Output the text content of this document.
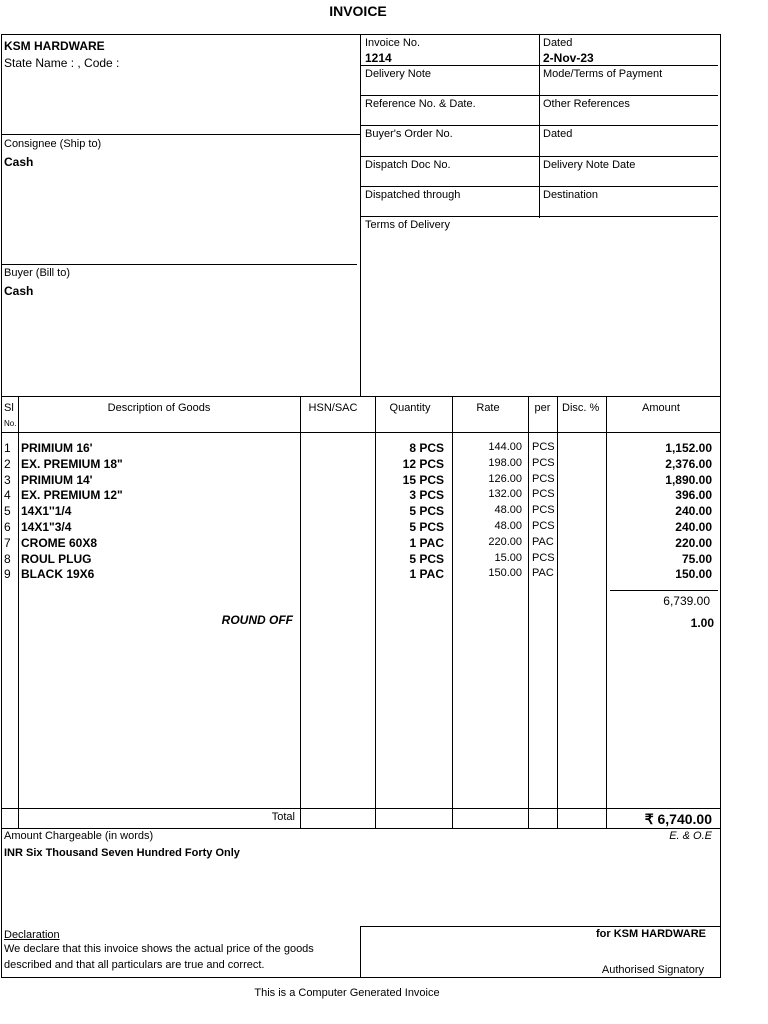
INVOICE
KSM HARDWARE
State Name : , Code :
Consignee (Ship to)
Cash
Buyer (Bill to)
Cash
Invoice No.
1214
Dated
2-Nov-23
Delivery Note	Mode/Terms of Payment
Reference No. & Date.	Other References
Buyer's Order No.	Dated
Dispatch Doc No.	Delivery Note Date
Dispatched through	Destination
Terms of Delivery
Sl
No.
Description of Goods	HSN/SAC	Quantity	Rate	per	Disc. %	Amount
1 PRIMIUM 16'	8 PCS	144.00 PCS	1,152.00
2 EX. PREMIUM 18"	12 PCS	198.00 PCS	2,376.00
3 PRIMIUM 14'	15 PCS	126.00 PCS	1,890.00
4 EX. PREMIUM 12"	3 PCS	132.00 PCS	396.00
5 14X1''1/4	5 PCS	48.00 PCS	240.00
6 14X1"3/4	5 PCS	48.00 PCS	240.00
7 CROME 60X8	1 PAC	220.00 PAC	220.00
8 ROUL PLUG	5 PCS	15.00 PCS	75.00
9 BLACK 19X6	1 PAC	150.00 PAC	150.00
6,739.00
ROUND OFF	1.00
Total	₹ 6,740.00
Amount Chargeable (in words)	E. & O.E
INR Six Thousand Seven Hundred Forty Only
Declaration
We declare that this invoice shows the actual price of the goods
described and that all particulars are true and correct.
for KSM HARDWARE
Authorised Signatory
This is a Computer Generated Invoice
